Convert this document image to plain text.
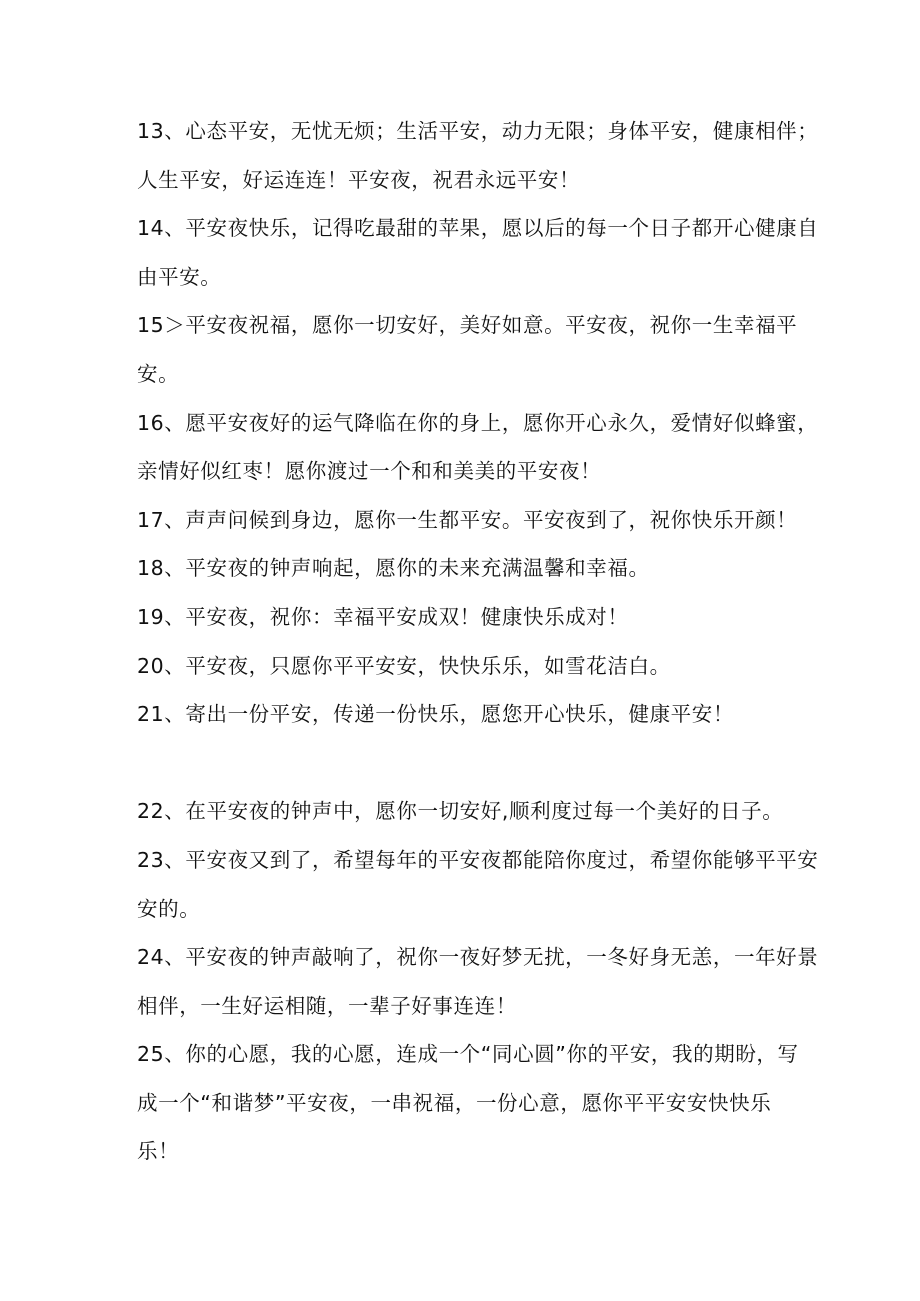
13、心态平安，无忧无烦；生活平安，动力无限；身体平安，健康相伴；
人生平安，好运连连！平安夜，祝君永远平安！
14、平安夜快乐，记得吃最甜的苹果，愿以后的每一个日子都开心健康自
由平安。
15＞平安夜祝福，愿你一切安好，美好如意。平安夜，祝你一生幸福平
安。
16、愿平安夜好的运气降临在你的身上，愿你开心永久，爱情好似蜂蜜，
亲情好似红枣！愿你渡过一个和和美美的平安夜！
17、声声问候到身边，愿你一生都平安。平安夜到了，祝你快乐开颜！
18、平安夜的钟声响起，愿你的未来充满温馨和幸福。
19、平安夜，祝你：幸福平安成双！健康快乐成对！
20、平安夜，只愿你平平安安，快快乐乐，如雪花洁白。
21、寄出一份平安，传递一份快乐，愿您开心快乐，健康平安！
22、在平安夜的钟声中，愿你一切安好,顺利度过每一个美好的日子。
23、平安夜又到了，希望每年的平安夜都能陪你度过，希望你能够平平安
安的。
24、平安夜的钟声敲响了，祝你一夜好梦无扰，一冬好身无恙，一年好景
相伴，一生好运相随，一辈子好事连连！
25、你的心愿，我的心愿，连成一个“同心圆”你的平安，我的期盼，写
成一个“和谐梦”平安夜，一串祝福，一份心意，愿你平平安安快快乐
乐！
